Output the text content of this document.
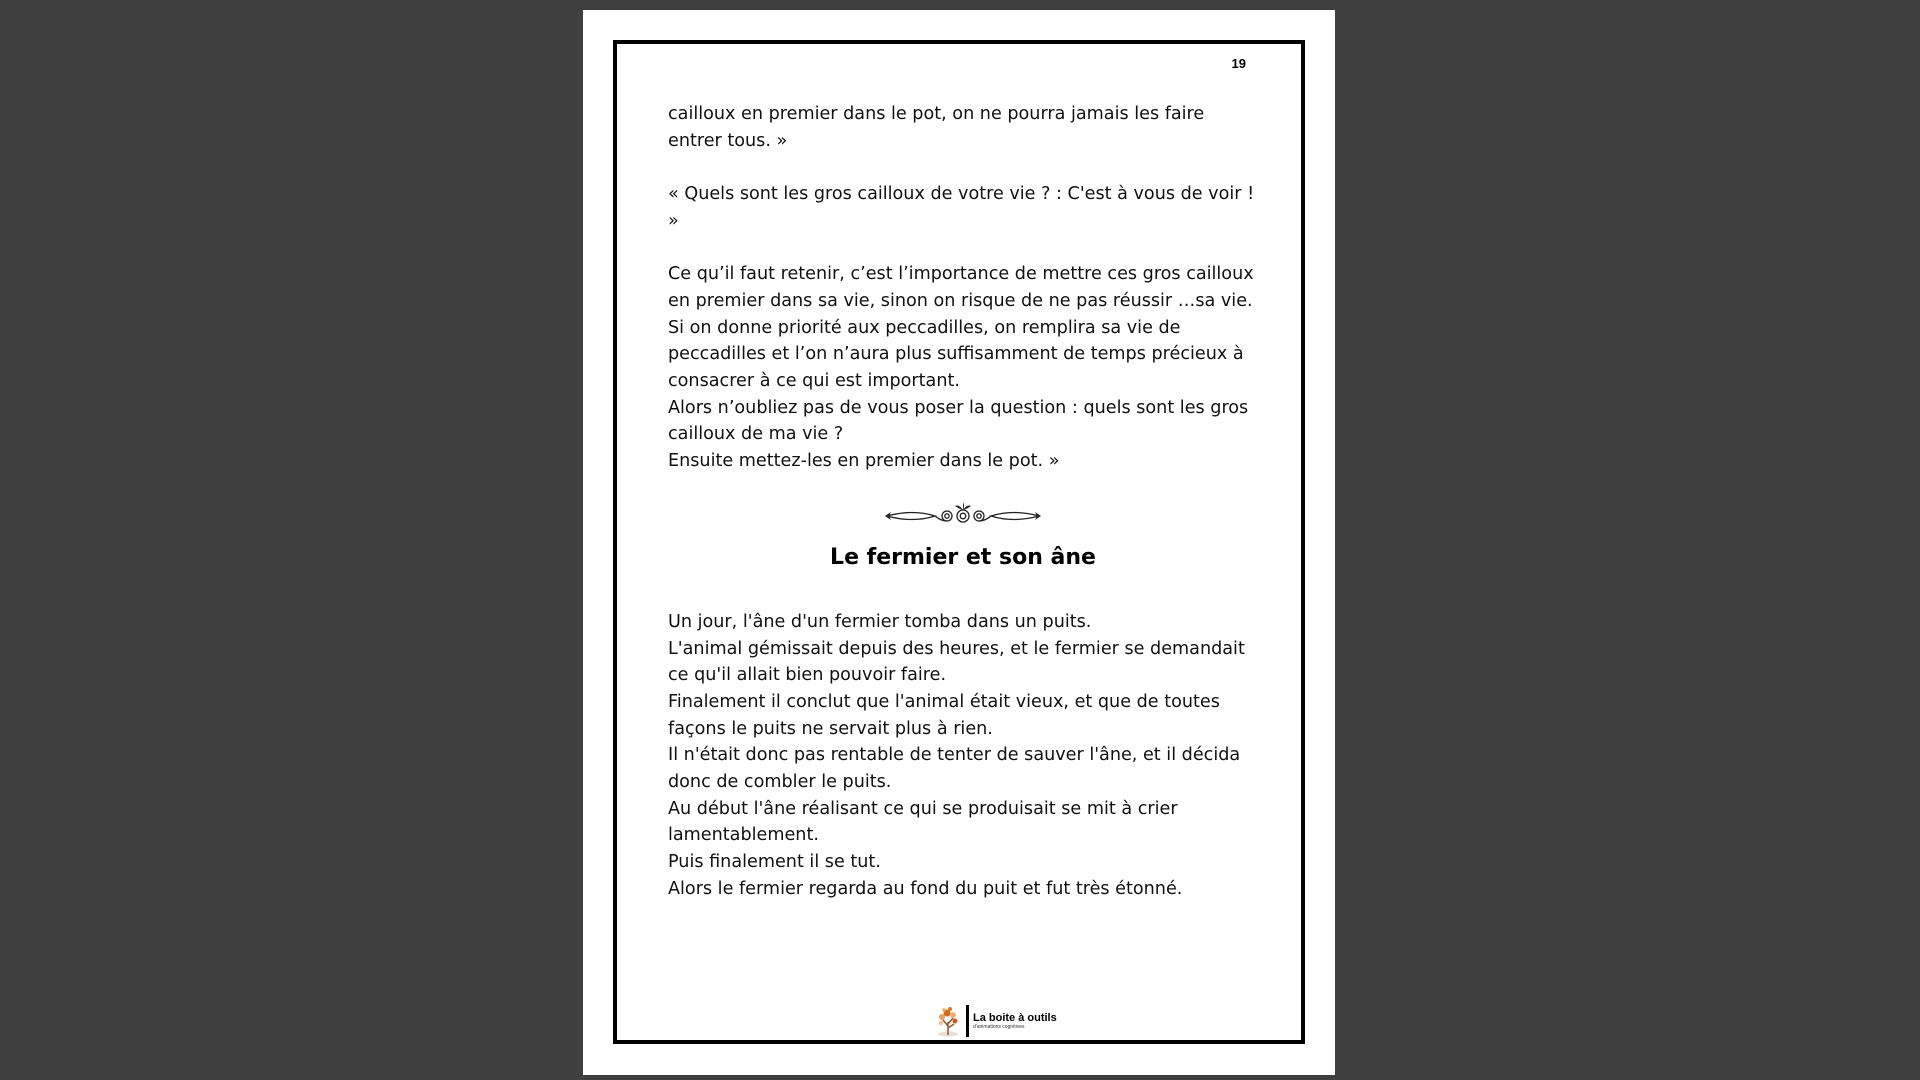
19
La boite à outils
d'animations cognitives

cailloux en premier dans le pot, on ne pourra jamais les faire entrer tous. »

« Quels sont les gros cailloux de votre vie ? : C'est à vous de voir ! »

Ce qu’il faut retenir, c’est l’importance de mettre ces gros cailloux en premier dans sa vie, sinon on risque de ne pas réussir …sa vie.

Si on donne priorité aux peccadilles, on remplira sa vie de peccadilles et l’on n’aura plus suffisamment de temps précieux à consacrer à ce qui est important.

Alors n’oubliez pas de vous poser la question : quels sont les gros cailloux de ma vie ?

Ensuite mettez-les en premier dans le pot. »

Le fermier et son âne

Un jour, l'âne d'un fermier tomba dans un puits.

L'animal gémissait depuis des heures, et le fermier se demandait ce qu'il allait bien pouvoir faire.

Finalement il conclut que l'animal était vieux, et que de toutes façons le puits ne servait plus à rien.

Il n'était donc pas rentable de tenter de sauver l'âne, et il décida donc de combler le puits.

Au début l'âne réalisant ce qui se produisait se mit à crier lamentablement.

Puis finalement il se tut.

Alors le fermier regarda au fond du puit et fut très étonné.
